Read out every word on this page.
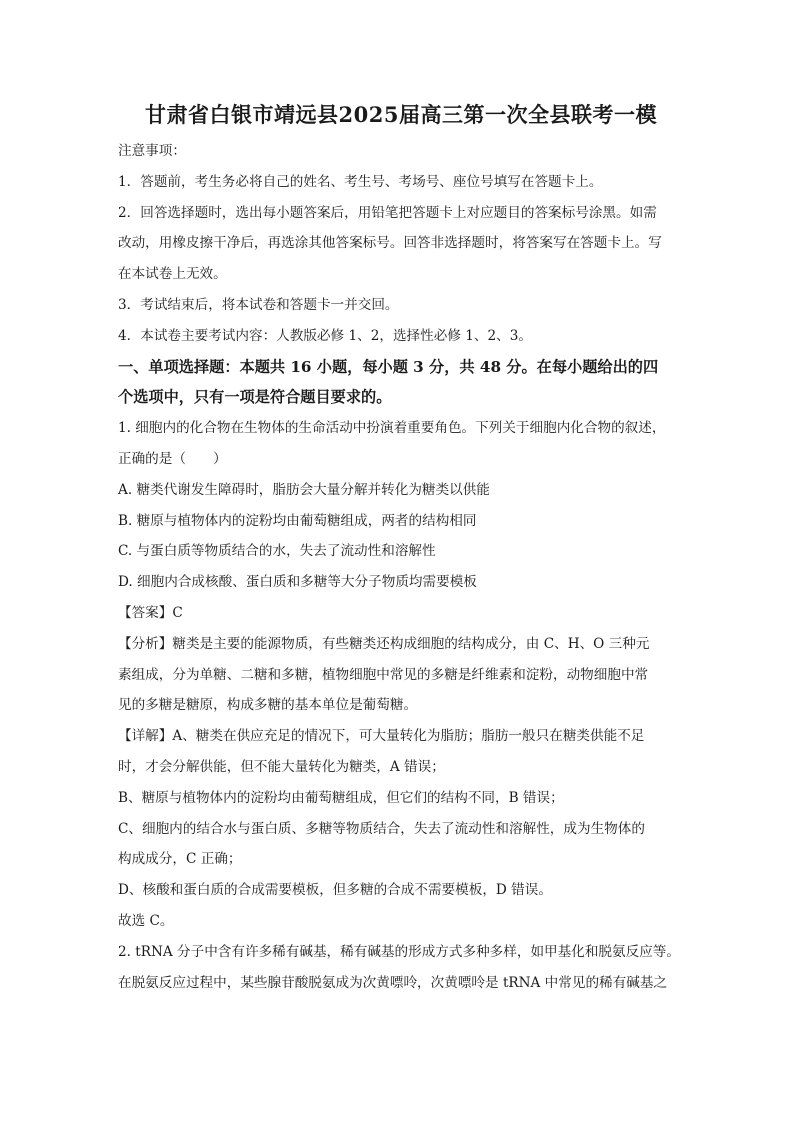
甘肃省白银市靖远县2025届高三第一次全县联考一模
注意事项：
1．答题前，考生务必将自己的姓名、考生号、考场号、座位号填写在答题卡上。
2．回答选择题时，选出每小题答案后，用铅笔把答题卡上对应题目的答案标号涂黑。如需
改动，用橡皮擦干净后，再选涂其他答案标号。回答非选择题时，将答案写在答题卡上。写
在本试卷上无效。
3．考试结束后，将本试卷和答题卡一并交回。
4．本试卷主要考试内容：人教版必修 1、2，选择性必修 1、2、3。
一、单项选择题：本题共 16 小题，每小题 3 分，共 48 分。在每小题给出的四
个选项中，只有一项是符合题目要求的。
1. 细胞内的化合物在生物体的生命活动中扮演着重要角色。下列关于细胞内化合物的叙述，
正确的是（　　）
A. 糖类代谢发生障碍时，脂肪会大量分解并转化为糖类以供能
B. 糖原与植物体内的淀粉均由葡萄糖组成，两者的结构相同
C. 与蛋白质等物质结合的水，失去了流动性和溶解性
D. 细胞内合成核酸、蛋白质和多糖等大分子物质均需要模板
【答案】C
【分析】糖类是主要的能源物质，有些糖类还构成细胞的结构成分，由 C、H、O 三种元
素组成，分为单糖、二糖和多糖，植物细胞中常见的多糖是纤维素和淀粉，动物细胞中常
见的多糖是糖原，构成多糖的基本单位是葡萄糖。
【详解】A、糖类在供应充足的情况下，可大量转化为脂肪；脂肪一般只在糖类供能不足
时，才会分解供能，但不能大量转化为糖类，A 错误；
B、糖原与植物体内的淀粉均由葡萄糖组成，但它们的结构不同，B 错误；
C、细胞内的结合水与蛋白质、多糖等物质结合，失去了流动性和溶解性，成为生物体的
构成成分，C 正确；
D、核酸和蛋白质的合成需要模板，但多糖的合成不需要模板，D 错误。
故选 C。
2. tRNA 分子中含有许多稀有碱基，稀有碱基的形成方式多种多样，如甲基化和脱氨反应等。
在脱氨反应过程中，某些腺苷酸脱氨成为次黄嘌呤，次黄嘌呤是 tRNA 中常见的稀有碱基之
